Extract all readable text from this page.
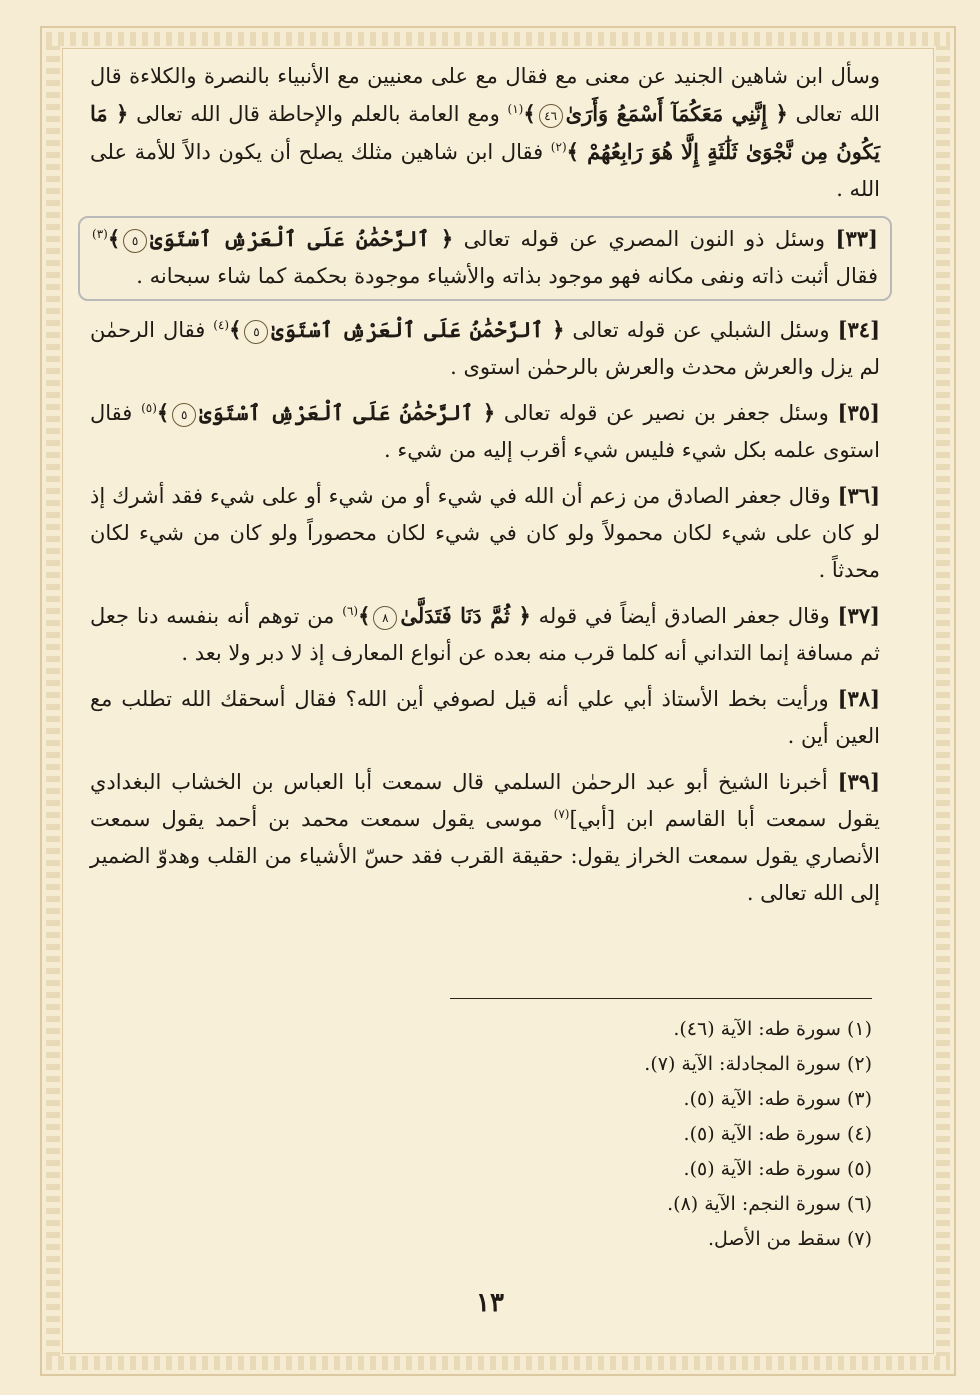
وسأل ابن شاهين الجنيد عن معنى مع فقال مع على معنيين مع الأنبياء بالنصرة والكلاءة قال الله تعالى ﴿ إِنَّنِي مَعَكُمَآ أَسْمَعُ وَأَرَىٰ٤٦﴾$^{(١)}$ ومع العامة بالعلم والإحاطة قال الله تعالى ﴿ مَا يَكُونُ مِن نَّجْوَىٰ ثَلَٰثَةٍ إِلَّا هُوَ رَابِعُهُمْ ﴾$^{(٢)}$ فقال ابن شاهين مثلك يصلح أن يكون دالاً للأمة على الله .

[٣٣] وسئل ذو النون المصري عن قوله تعالى ﴿ ٱلرَّحْمَٰنُ عَلَى ٱلْعَرْشِ ٱسْتَوَىٰ٥﴾$^{(٣)}$ فقال أثبت ذاته ونفى مكانه فهو موجود بذاته والأشياء موجودة بحكمة كما شاء سبحانه .

[٣٤] وسئل الشبلي عن قوله تعالى ﴿ ٱلرَّحْمَٰنُ عَلَى ٱلْعَرْشِ ٱسْتَوَىٰ٥﴾$^{(٤)}$ فقال الرحمٰن لم يزل والعرش محدث والعرش بالرحمٰن استوى .

[٣٥] وسئل جعفر بن نصير عن قوله تعالى ﴿ ٱلرَّحْمَٰنُ عَلَى ٱلْعَرْشِ ٱسْتَوَىٰ٥﴾$^{(٥)}$ فقال استوى علمه بكل شيء فليس شيء أقرب إليه من شيء .

[٣٦] وقال جعفر الصادق من زعم أن الله في شيء أو من شيء أو على شيء فقد أشرك إذ لو كان على شيء لكان محمولاً ولو كان في شيء لكان محصوراً ولو كان من شيء لكان محدثاً .

[٣٧] وقال جعفر الصادق أيضاً في قوله ﴿ ثُمَّ دَنَا فَتَدَلَّىٰ٨﴾$^{(٦)}$ من توهم أنه بنفسه دنا جعل ثم مسافة إنما التداني أنه كلما قرب منه بعده عن أنواع المعارف إذ لا دبر ولا بعد .

[٣٨] ورأيت بخط الأستاذ أبي علي أنه قيل لصوفي أين الله؟ فقال أسحقك الله تطلب مع العين أين .

[٣٩] أخبرنا الشيخ أبو عبد الرحمٰن السلمي قال سمعت أبا العباس بن الخشاب البغدادي يقول سمعت أبا القاسم ابن [أبي]$^{(٧)}$ موسى يقول سمعت محمد بن أحمد يقول سمعت الأنصاري يقول سمعت الخراز يقول: حقيقة القرب فقد حسّ الأشياء من القلب وهدوّ الضمير إلى الله تعالى .

(١) سورة طه: الآية (٤٦).
(٢) سورة المجادلة: الآية (٧).
(٣) سورة طه: الآية (٥).
(٤) سورة طه: الآية (٥).
(٥) سورة طه: الآية (٥).
(٦) سورة النجم: الآية (٨).
(٧) سقط من الأصل.
١٣
